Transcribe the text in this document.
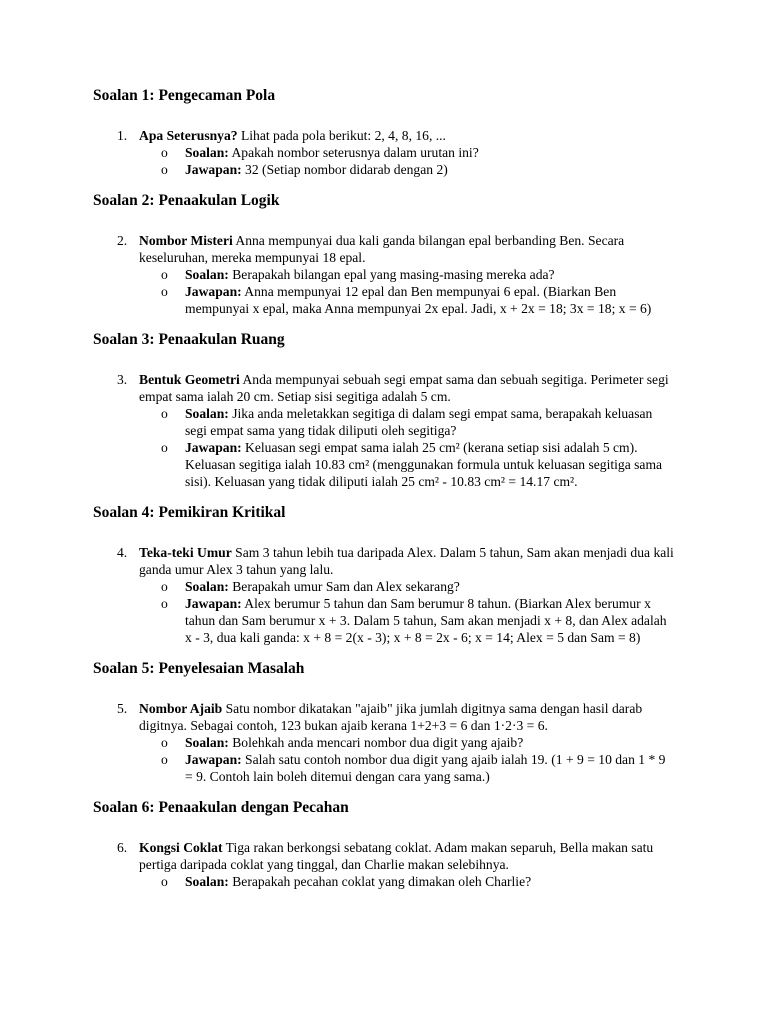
Soalan 1: Pengecaman Pola
1. Apa Seterusnya? Lihat pada pola berikut: 2, 4, 8, 16, ...
o Soalan: Apakah nombor seterusnya dalam urutan ini?
o Jawapan: 32 (Setiap nombor didarab dengan 2)
Soalan 2: Penaakulan Logik
2. Nombor Misteri Anna mempunyai dua kali ganda bilangan epal berbanding Ben. Secara keseluruhan, mereka mempunyai 18 epal.
o Soalan: Berapakah bilangan epal yang masing-masing mereka ada?
o Jawapan: Anna mempunyai 12 epal dan Ben mempunyai 6 epal. (Biarkan Ben mempunyai x epal, maka Anna mempunyai 2x epal. Jadi, x + 2x = 18; 3x = 18; x = 6)
Soalan 3: Penaakulan Ruang
3. Bentuk Geometri Anda mempunyai sebuah segi empat sama dan sebuah segitiga. Perimeter segi empat sama ialah 20 cm. Setiap sisi segitiga adalah 5 cm.
o Soalan: Jika anda meletakkan segitiga di dalam segi empat sama, berapakah keluasan segi empat sama yang tidak diliputi oleh segitiga?
o Jawapan: Keluasan segi empat sama ialah 25 cm² (kerana setiap sisi adalah 5 cm). Keluasan segitiga ialah 10.83 cm² (menggunakan formula untuk keluasan segitiga sama sisi). Keluasan yang tidak diliputi ialah 25 cm² - 10.83 cm² = 14.17 cm².
Soalan 4: Pemikiran Kritikal
4. Teka-teki Umur Sam 3 tahun lebih tua daripada Alex. Dalam 5 tahun, Sam akan menjadi dua kali ganda umur Alex 3 tahun yang lalu.
o Soalan: Berapakah umur Sam dan Alex sekarang?
o Jawapan: Alex berumur 5 tahun dan Sam berumur 8 tahun. (Biarkan Alex berumur x tahun dan Sam berumur x + 3. Dalam 5 tahun, Sam akan menjadi x + 8, dan Alex adalah x - 3, dua kali ganda: x + 8 = 2(x - 3); x + 8 = 2x - 6; x = 14; Alex = 5 dan Sam = 8)
Soalan 5: Penyelesaian Masalah
5. Nombor Ajaib Satu nombor dikatakan "ajaib" jika jumlah digitnya sama dengan hasil darab digitnya. Sebagai contoh, 123 bukan ajaib kerana 1+2+3 = 6 dan 1·2·3 = 6.
o Soalan: Bolehkah anda mencari nombor dua digit yang ajaib?
o Jawapan: Salah satu contoh nombor dua digit yang ajaib ialah 19. (1 + 9 = 10 dan 1 * 9 = 9. Contoh lain boleh ditemui dengan cara yang sama.)
Soalan 6: Penaakulan dengan Pecahan
6. Kongsi Coklat Tiga rakan berkongsi sebatang coklat. Adam makan separuh, Bella makan satu pertiga daripada coklat yang tinggal, dan Charlie makan selebihnya.
o Soalan: Berapakah pecahan coklat yang dimakan oleh Charlie?
